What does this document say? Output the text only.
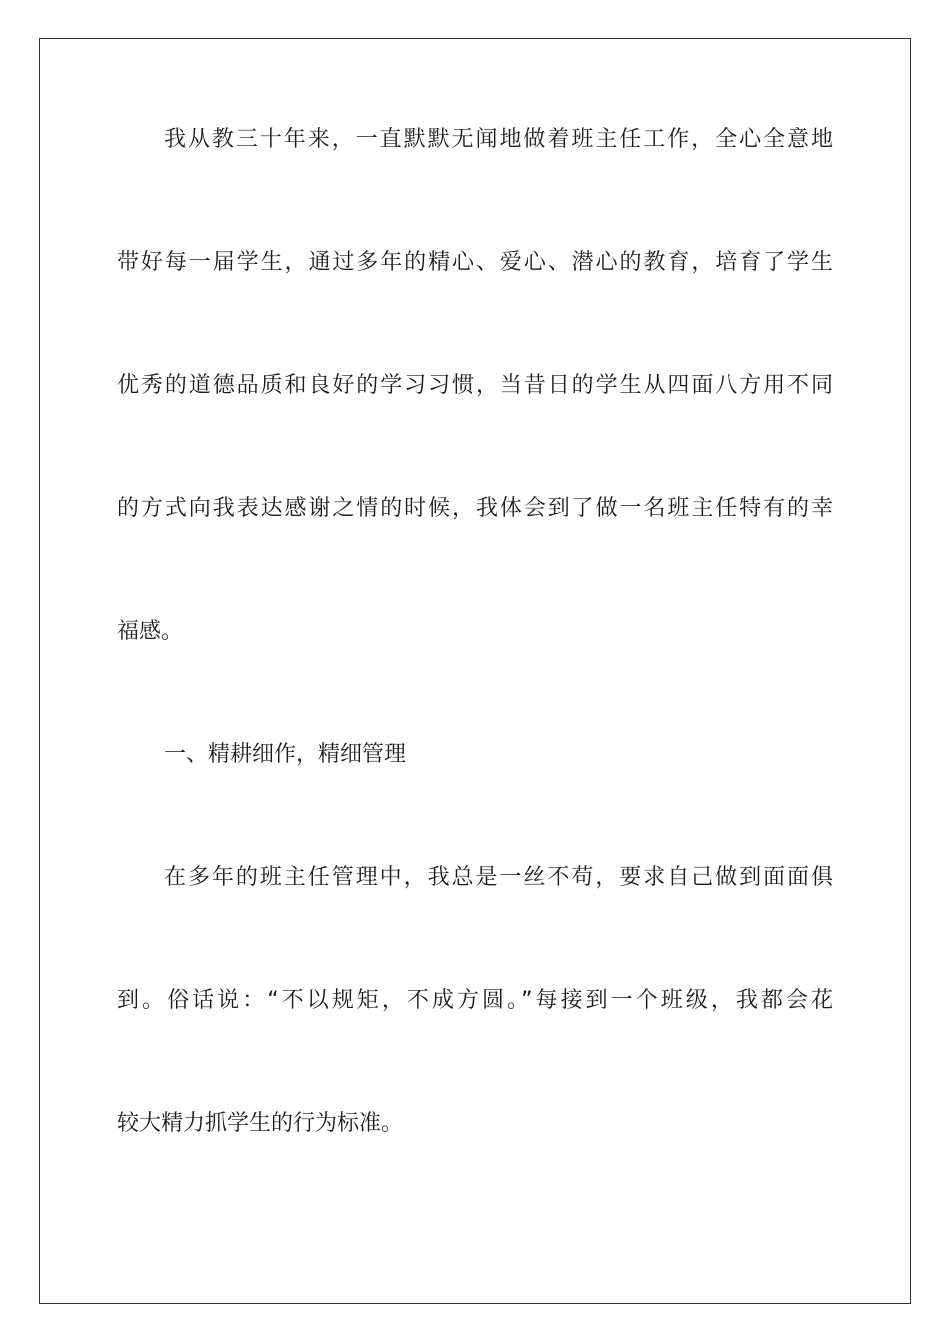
我从教三十年来，一直默默无闻地做着班主任工作，全心全意地
带好每一届学生，通过多年的精心、爱心、潜心的教育，培育了学生
优秀的道德品质和良好的学习习惯，当昔日的学生从四面八方用不同
的方式向我表达感谢之情的时候，我体会到了做一名班主任特有的幸
福感。
一、精耕细作，精细管理
在多年的班主任管理中，我总是一丝不苟，要求自己做到面面俱
到。俗话说：“不以规矩，不成方圆。”每接到一个班级，我都会花
较大精力抓学生的行为标准。
